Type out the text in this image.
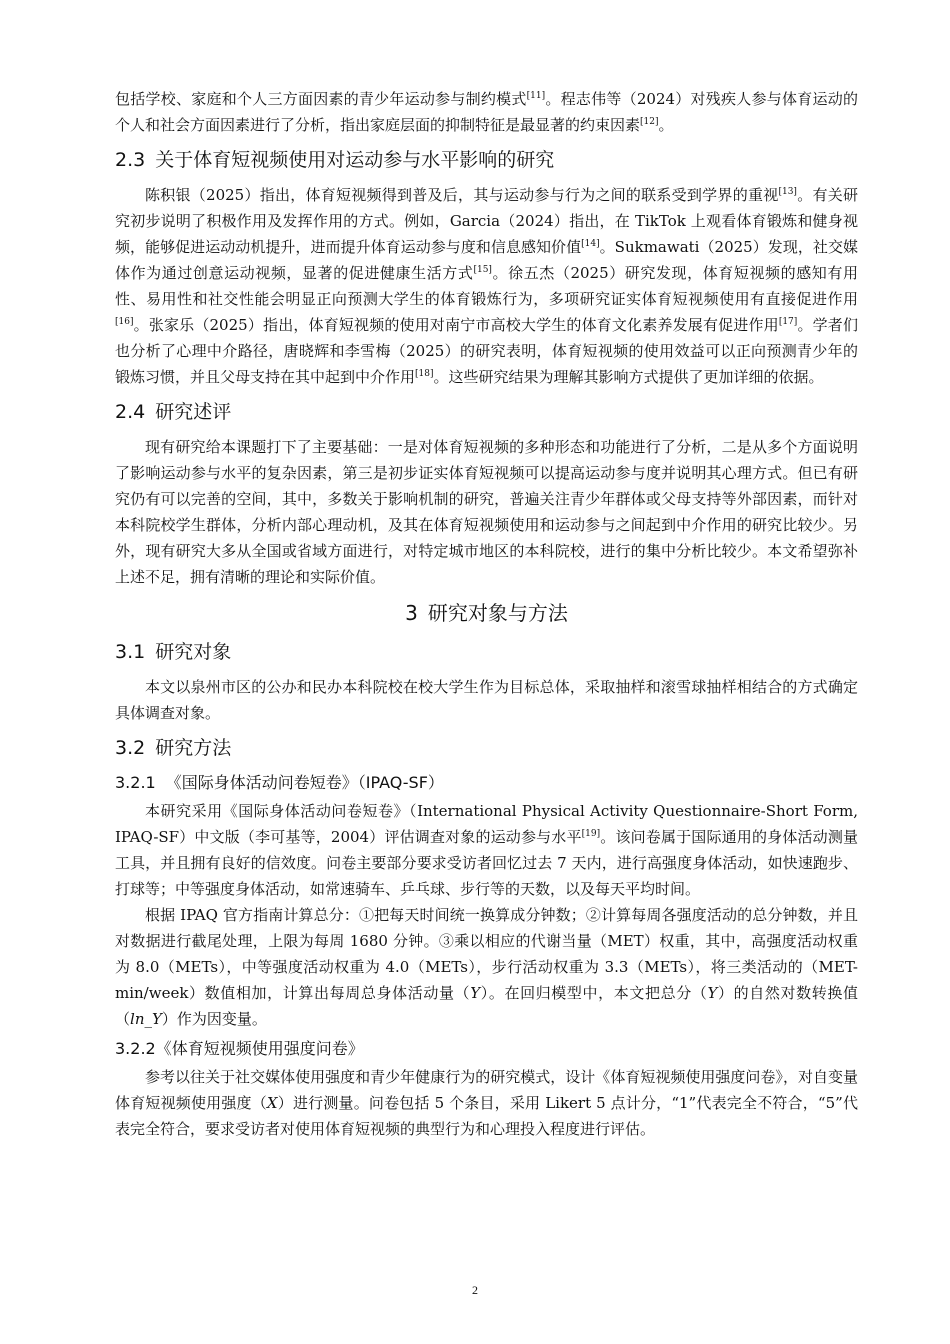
包括学校、家庭和个人三方面因素的青少年运动参与制约模式[11]。程志伟等（2024）对残疾人参与体育运动的个人和社会方面因素进行了分析，指出家庭层面的抑制特征是最显著的约束因素[12]。

2.3 关于体育短视频使用对运动参与水平影响的研究

陈积银（2025）指出，体育短视频得到普及后，其与运动参与行为之间的联系受到学界的重视[13]。有关研究初步说明了积极作用及发挥作用的方式。例如，Garcia（2024）指出，在 TikTok 上观看体育锻炼和健身视频，能够促进运动动机提升，进而提升体育运动参与度和信息感知价值[14]。Sukmawati（2025）发现，社交媒体作为通过创意运动视频，显著的促进健康生活方式[15]。徐五杰（2025）研究发现，体育短视频的感知有用性、易用性和社交性能会明显正向预测大学生的体育锻炼行为，多项研究证实体育短视频使用有直接促进作用[16]。张家乐（2025）指出，体育短视频的使用对南宁市高校大学生的体育文化素养发展有促进作用[17]。学者们也分析了心理中介路径，唐晓辉和李雪梅（2025）的研究表明，体育短视频的使用效益可以正向预测青少年的锻炼习惯，并且父母支持在其中起到中介作用[18]。这些研究结果为理解其影响方式提供了更加详细的依据。

2.4 研究述评

现有研究给本课题打下了主要基础：一是对体育短视频的多种形态和功能进行了分析，二是从多个方面说明了影响运动参与水平的复杂因素，第三是初步证实体育短视频可以提高运动参与度并说明其心理方式。但已有研究仍有可以完善的空间，其中，多数关于影响机制的研究，普遍关注青少年群体或父母支持等外部因素，而针对本科院校学生群体，分析内部心理动机，及其在体育短视频使用和运动参与之间起到中介作用的研究比较少。另外，现有研究大多从全国或省域方面进行，对特定城市地区的本科院校，进行的集中分析比较少。本文希望弥补上述不足，拥有清晰的理论和实际价值。

3 研究对象与方法
3.1 研究对象

本文以泉州市区的公办和民办本科院校在校大学生作为目标总体，采取抽样和滚雪球抽样相结合的方式确定具体调查对象。

3.2 研究方法
3.2.1 《国际身体活动问卷短卷》（IPAQ-SF）

本研究采用《国际身体活动问卷短卷》（International Physical Activity Questionnaire-Short Form, IPAQ-SF）中文版（李可基等，2004）评估调查对象的运动参与水平[19]。该问卷属于国际通用的身体活动测量工具，并且拥有良好的信效度。问卷主要部分要求受访者回忆过去 7 天内，进行高强度身体活动，如快速跑步、打球等；中等强度身体活动，如常速骑车、乒乓球、步行等的天数，以及每天平均时间。

根据 IPAQ 官方指南计算总分：①把每天时间统一换算成分钟数；②计算每周各强度活动的总分钟数，并且对数据进行截尾处理，上限为每周 1680 分钟。③乘以相应的代谢当量（MET）权重，其中，高强度活动权重为 8.0（METs），中等强度活动权重为 4.0（METs），步行活动权重为 3.3（METs），将三类活动的（MET-min/week）数值相加，计算出每周总身体活动量（Y）。在回归模型中，本文把总分（Y）的自然对数转换值（ln_Y）作为因变量。

3.2.2《体育短视频使用强度问卷》

参考以往关于社交媒体使用强度和青少年健康行为的研究模式，设计《体育短视频使用强度问卷》，对自变量体育短视频使用强度（X）进行测量。问卷包括 5 个条目，采用 Likert 5 点计分，“1”代表完全不符合，“5”代表完全符合，要求受访者对使用体育短视频的典型行为和心理投入程度进行评估。

2
